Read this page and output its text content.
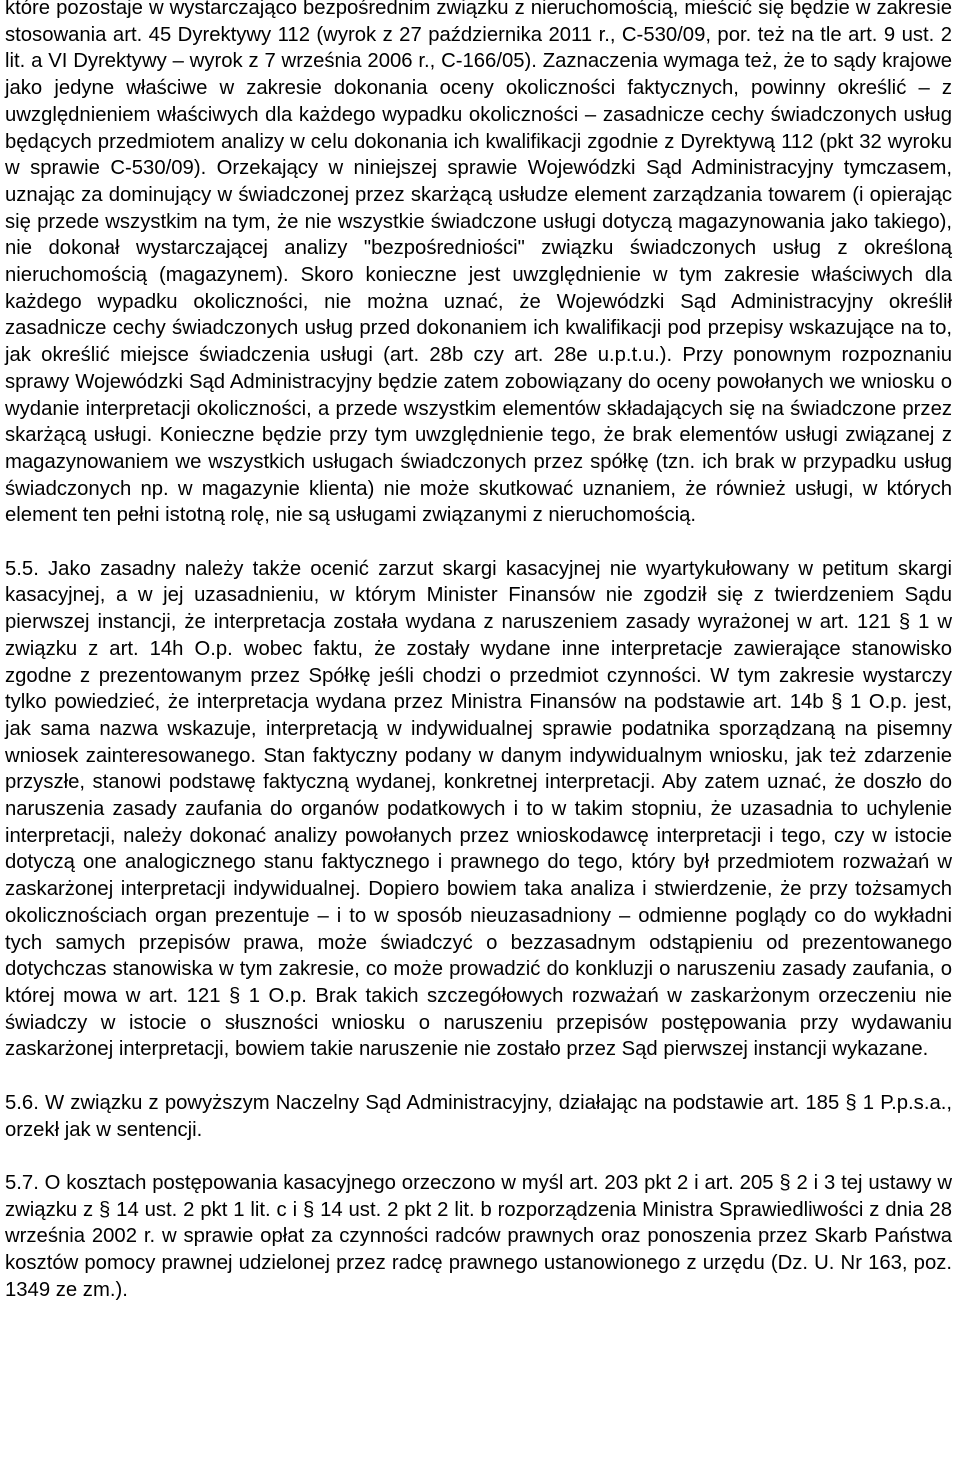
które pozostaje w wystarczająco bezpośrednim związku z nieruchomością, mieścić się będzie w zakresie stosowania art. 45 Dyrektywy 112 (wyrok z 27 października 2011 r., C-530/09, por. też na tle art. 9 ust. 2 lit. a VI Dyrektywy – wyrok z 7 września 2006 r., C-166/05). Zaznaczenia wymaga też, że to sądy krajowe jako jedyne właściwe w zakresie dokonania oceny okoliczności faktycznych, powinny określić – z uwzględnieniem właściwych dla każdego wypadku okoliczności – zasadnicze cechy świadczonych usług będących przedmiotem analizy w celu dokonania ich kwalifikacji zgodnie z Dyrektywą 112 (pkt 32 wyroku w sprawie C-530/09). Orzekający w niniejszej sprawie Wojewódzki Sąd Administracyjny tymczasem, uznając za dominujący w świadczonej przez skarżącą usłudze element zarządzania towarem (i opierając się przede wszystkim na tym, że nie wszystkie świadczone usługi dotyczą magazynowania jako takiego), nie dokonał wystarczającej analizy "bezpośredniości" związku świadczonych usług z określoną nieruchomością (magazynem). Skoro konieczne jest uwzględnienie w tym zakresie właściwych dla każdego wypadku okoliczności, nie można uznać, że Wojewódzki Sąd Administracyjny określił zasadnicze cechy świadczonych usług przed dokonaniem ich kwalifikacji pod przepisy wskazujące na to, jak określić miejsce świadczenia usługi (art. 28b czy art. 28e u.p.t.u.). Przy ponownym rozpoznaniu sprawy Wojewódzki Sąd Administracyjny będzie zatem zobowiązany do oceny powołanych we wniosku o wydanie interpretacji okoliczności, a przede wszystkim elementów składających się na świadczone przez skarżącą usługi. Konieczne będzie przy tym uwzględnienie tego, że brak elementów usługi związanej z magazynowaniem we wszystkich usługach świadczonych przez spółkę (tzn. ich brak w przypadku usług świadczonych np. w magazynie klienta) nie może skutkować uznaniem, że również usługi, w których element ten pełni istotną rolę, nie są usługami związanymi z nieruchomością.

5.5. Jako zasadny należy także ocenić zarzut skargi kasacyjnej nie wyartykułowany w petitum skargi kasacyjnej, a w jej uzasadnieniu, w którym Minister Finansów nie zgodził się z twierdzeniem Sądu pierwszej instancji, że interpretacja została wydana z naruszeniem zasady wyrażonej w art. 121 § 1 w związku z art. 14h O.p. wobec faktu, że zostały wydane inne interpretacje zawierające stanowisko zgodne z prezentowanym przez Spółkę jeśli chodzi o przedmiot czynności. W tym zakresie wystarczy tylko powiedzieć, że interpretacja wydana przez Ministra Finansów na podstawie art. 14b § 1 O.p. jest, jak sama nazwa wskazuje, interpretacją w indywidualnej sprawie podatnika sporządzaną na pisemny wniosek zainteresowanego. Stan faktyczny podany w danym indywidualnym wniosku, jak też zdarzenie przyszłe, stanowi podstawę faktyczną wydanej, konkretnej interpretacji. Aby zatem uznać, że doszło do naruszenia zasady zaufania do organów podatkowych i to w takim stopniu, że uzasadnia to uchylenie interpretacji, należy dokonać analizy powołanych przez wnioskodawcę interpretacji i tego, czy w istocie dotyczą one analogicznego stanu faktycznego i prawnego do tego, który był przedmiotem rozważań w zaskarżonej interpretacji indywidualnej. Dopiero bowiem taka analiza i stwierdzenie, że przy tożsamych okolicznościach organ prezentuje – i to w sposób nieuzasadniony – odmienne poglądy co do wykładni tych samych przepisów prawa, może świadczyć o bezzasadnym odstąpieniu od prezentowanego dotychczas stanowiska w tym zakresie, co może prowadzić do konkluzji o naruszeniu zasady zaufania, o której mowa w art. 121 § 1 O.p. Brak takich szczegółowych rozważań w zaskarżonym orzeczeniu nie świadczy w istocie o słuszności wniosku o naruszeniu przepisów postępowania przy wydawaniu zaskarżonej interpretacji, bowiem takie naruszenie nie zostało przez Sąd pierwszej instancji wykazane.

5.6. W związku z powyższym Naczelny Sąd Administracyjny, działając na podstawie art. 185 § 1 P.p.s.a., orzekł jak w sentencji.

5.7. O kosztach postępowania kasacyjnego orzeczono w myśl art. 203 pkt 2 i art. 205 § 2 i 3 tej ustawy w związku z § 14 ust. 2 pkt 1 lit. c i § 14 ust. 2 pkt 2 lit. b rozporządzenia Ministra Sprawiedliwości z dnia 28 września 2002 r. w sprawie opłat za czynności radców prawnych oraz ponoszenia przez Skarb Państwa kosztów pomocy prawnej udzielonej przez radcę prawnego ustanowionego z urzędu (Dz. U. Nr 163, poz. 1349 ze zm.).
